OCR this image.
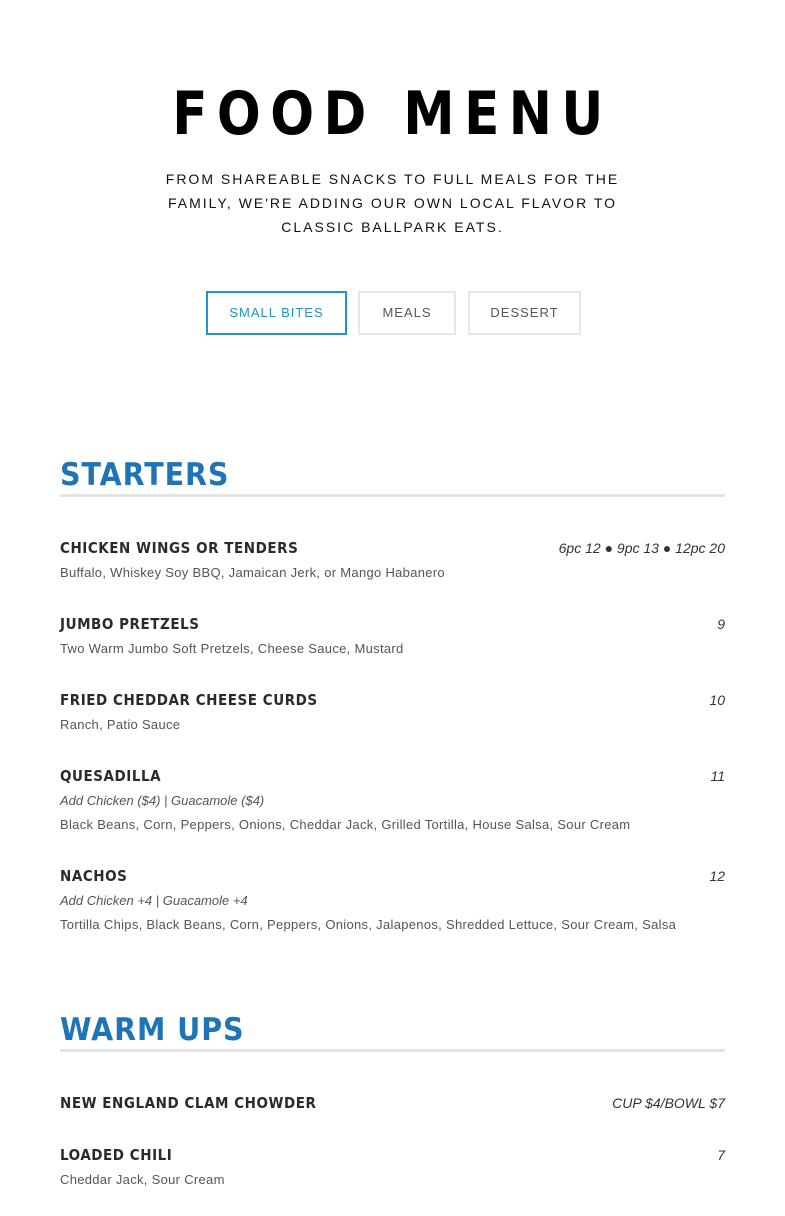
FOOD MENU

FROM SHAREABLE SNACKS TO FULL MEALS FOR THE FAMILY, WE'RE ADDING OUR OWN LOCAL FLAVOR TO CLASSIC BALLPARK EATS.

SMALL BITES	MEALS	DESSERT
STARTERS
CHICKEN WINGS OR TENDERS	6pc 12 ● 9pc 13 ● 12pc 20
Buffalo, Whiskey Soy BBQ, Jamaican Jerk, or Mango Habanero
JUMBO PRETZELS	9
Two Warm Jumbo Soft Pretzels, Cheese Sauce, Mustard
FRIED CHEDDAR CHEESE CURDS	10
Ranch, Patio Sauce
QUESADILLA	11
Add Chicken ($4) | Guacamole ($4)
Black Beans, Corn, Peppers, Onions, Cheddar Jack, Grilled Tortilla, House Salsa, Sour Cream
NACHOS	12
Add Chicken +4 | Guacamole +4
Tortilla Chips, Black Beans, Corn, Peppers, Onions, Jalapenos, Shredded Lettuce, Sour Cream, Salsa
WARM UPS
NEW ENGLAND CLAM CHOWDER	CUP $4/BOWL $7
LOADED CHILI	7
Cheddar Jack, Sour Cream
